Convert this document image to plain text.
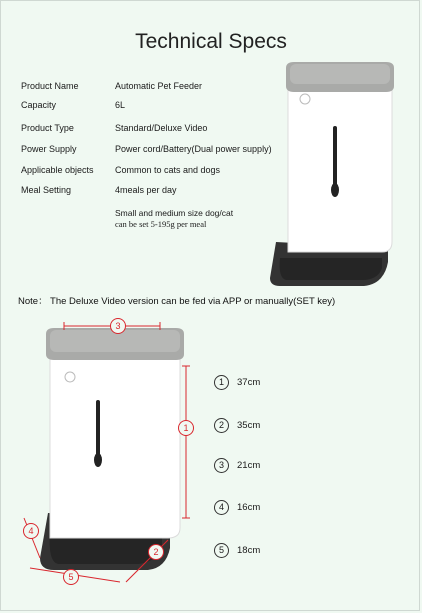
Technical Specs
Product Name	Automatic Pet Feeder
Capacity	6L
Product Type	Standard/Deluxe Video
Power Supply	Power cord/Battery(Dual power supply)
Applicable objects	Common to cats and dogs
Meal Setting	4meals per day
Small and medium size dog/cat
can be set 5-195g per meal
Note： The Deluxe Video version can be fed via APP or manually(SET key)
3
1
2
4
5
1 37cm
2 35cm
3 21cm
4 16cm
5 18cm
